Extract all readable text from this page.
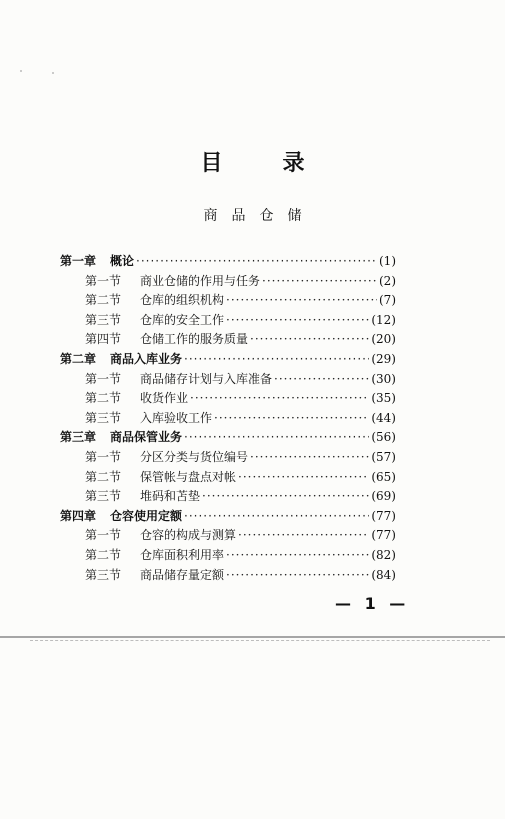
目	录
商品仓储
第一章	概论 ·····	(1)
第一节	商业仓储的作用与任务 ·····	(2)
第二节	仓库的组织机构 ·····	(7)
第三节	仓库的安全工作 ·····	(12)
第四节	仓储工作的服务质量 ·····	(20)
第二章	商品入库业务 ·····	(29)
第一节	商品储存计划与入库准备 ·····	(30)
第二节	收货作业 ·····	(35)
第三节	入库验收工作 ·····	(44)
第三章	商品保管业务 ·····	(56)
第一节	分区分类与货位编号 ·····	(57)
第二节	保管帐与盘点对帐 ·····	(65)
第三节	堆码和苫垫 ·····	(69)
第四章	仓容使用定额 ·····	(77)
第一节	仓容的构成与测算 ·····	(77)
第二节	仓库面积利用率 ·····	(82)
第三节	商品储存量定额 ·····	(84)
— 1 —
